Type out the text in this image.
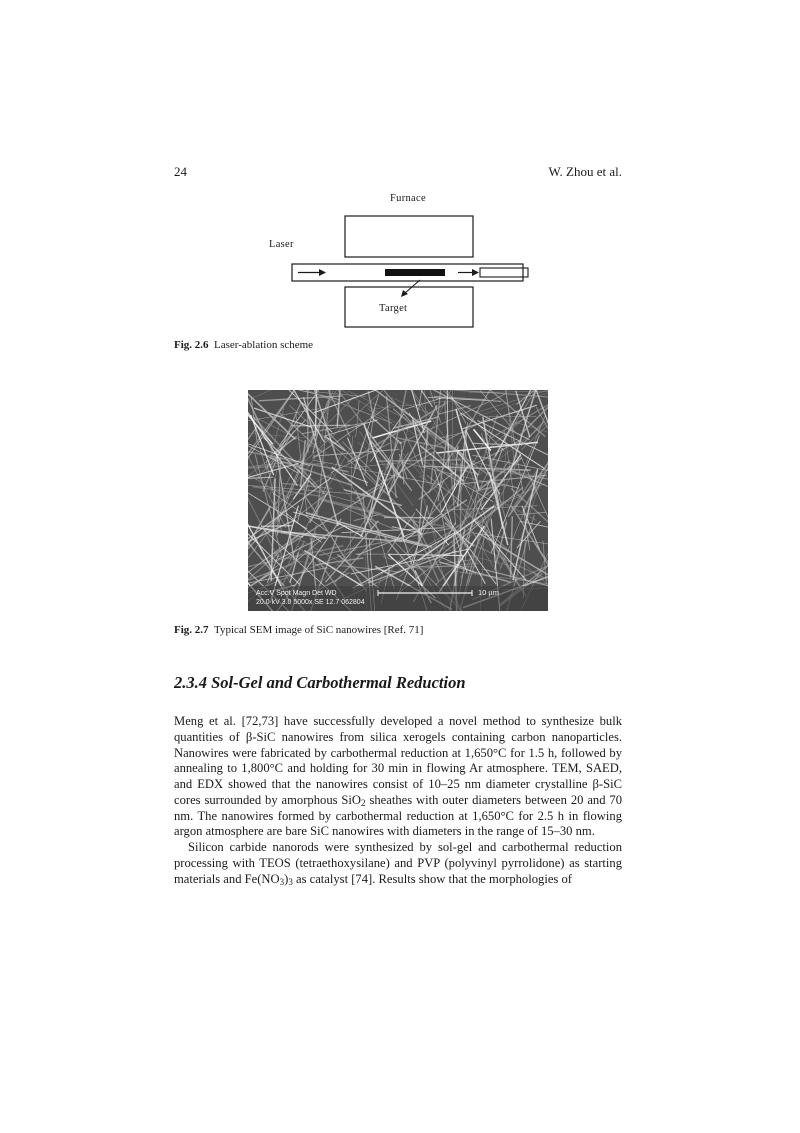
24	W. Zhou et al.
Furnace
Laser
Target
Fig. 2.6 Laser-ablation scheme
Acc.V Spot Magn Det WD
20.0 kV 3.0 5000x SE 12.7 062804
10 µm
Fig. 2.7 Typical SEM image of SiC nanowires [Ref. 71]
2.3.4 Sol-Gel and Carbothermal Reduction

Meng et al. [72,73] have successfully developed a novel method to synthesize bulk quantities of β-SiC nanowires from silica xerogels containing carbon nanoparticles. Nanowires were fabricated by carbothermal reduction at 1,650°C for 1.5 h, followed by annealing to 1,800°C and holding for 30 min in flowing Ar atmosphere. TEM, SAED, and EDX showed that the nanowires consist of 10–25 nm diameter crystalline β-SiC cores surrounded by amorphous SiO$_2$ sheathes with outer diameters between 20 and 70 nm. The nanowires formed by carbothermal reduction at 1,650°C for 2.5 h in flowing argon atmosphere are bare SiC nanowires with diameters in the range of 15–30 nm.

Silicon carbide nanorods were synthesized by sol-gel and carbothermal reduction processing with TEOS (tetraethoxysilane) and PVP (polyvinyl pyrrolidone) as starting materials and $Fe(NO_3)_3$ as catalyst [74]. Results show that the morphologies of
